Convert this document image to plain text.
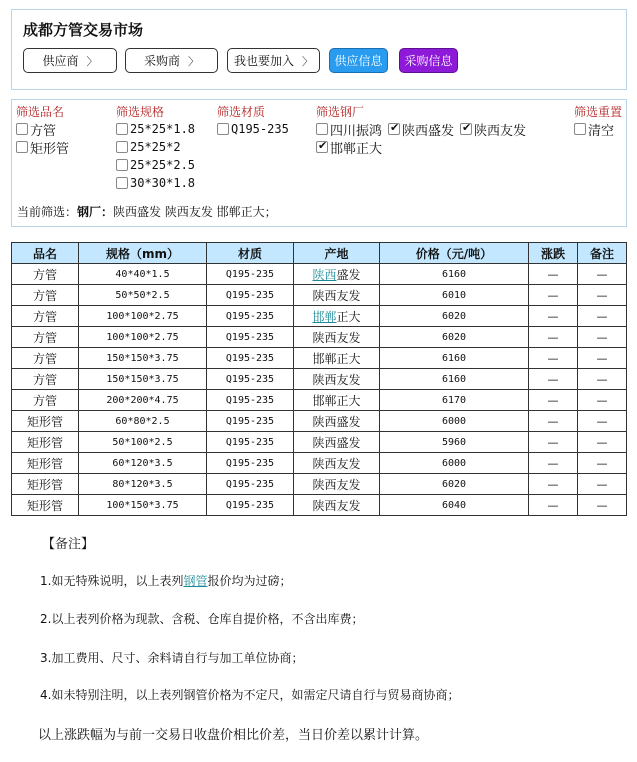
成都方管交易市场
供应商 〉	采购商 〉	我也要加入 〉	供应信息	采购信息
筛选品名
方管
矩形管
筛选规格
25*25*1.8
25*25*2
25*25*2.5
30*30*1.8
筛选材质
Q195-235
筛选钢厂
四川振鸿 ✔ 陕西盛发 ✔ 陕西友发
✔
邯郸正大
筛选重置
清空
当前筛选：钢厂：陕西盛发 陕西友发 邯郸正大；
品名	规格（mm）	材质	产地	价格（元/吨）	涨跌	备注
方管	40*40*1.5	Q195-235	陕西盛发	6160	—	—
方管	50*50*2.5	Q195-235	陕西友发	6010	—	—
方管	100*100*2.75	Q195-235	邯郸正大	6020	—	—
方管	100*100*2.75	Q195-235	陕西友发	6020	—	—
方管	150*150*3.75	Q195-235	邯郸正大	6160	—	—
方管	150*150*3.75	Q195-235	陕西友发	6160	—	—
方管	200*200*4.75	Q195-235	邯郸正大	6170	—	—
矩形管	60*80*2.5	Q195-235	陕西盛发	6000	—	—
矩形管	50*100*2.5	Q195-235	陕西盛发	5960	—	—
矩形管	60*120*3.5	Q195-235	陕西友发	6000	—	—
矩形管	80*120*3.5	Q195-235	陕西友发	6020	—	—
矩形管	100*150*3.75	Q195-235	陕西友发	6040	—	—
【备注】
1.如无特殊说明，以上表列钢管报价均为过磅；
2.以上表列价格为现款、含税、仓库自提价格，不含出库费；
3.加工费用、尺寸、余料请自行与加工单位协商；
4.如未特别注明，以上表列钢管价格为不定尺，如需定尺请自行与贸易商协商；
以上涨跌幅为与前一交易日收盘价相比价差，当日价差以累计计算。
